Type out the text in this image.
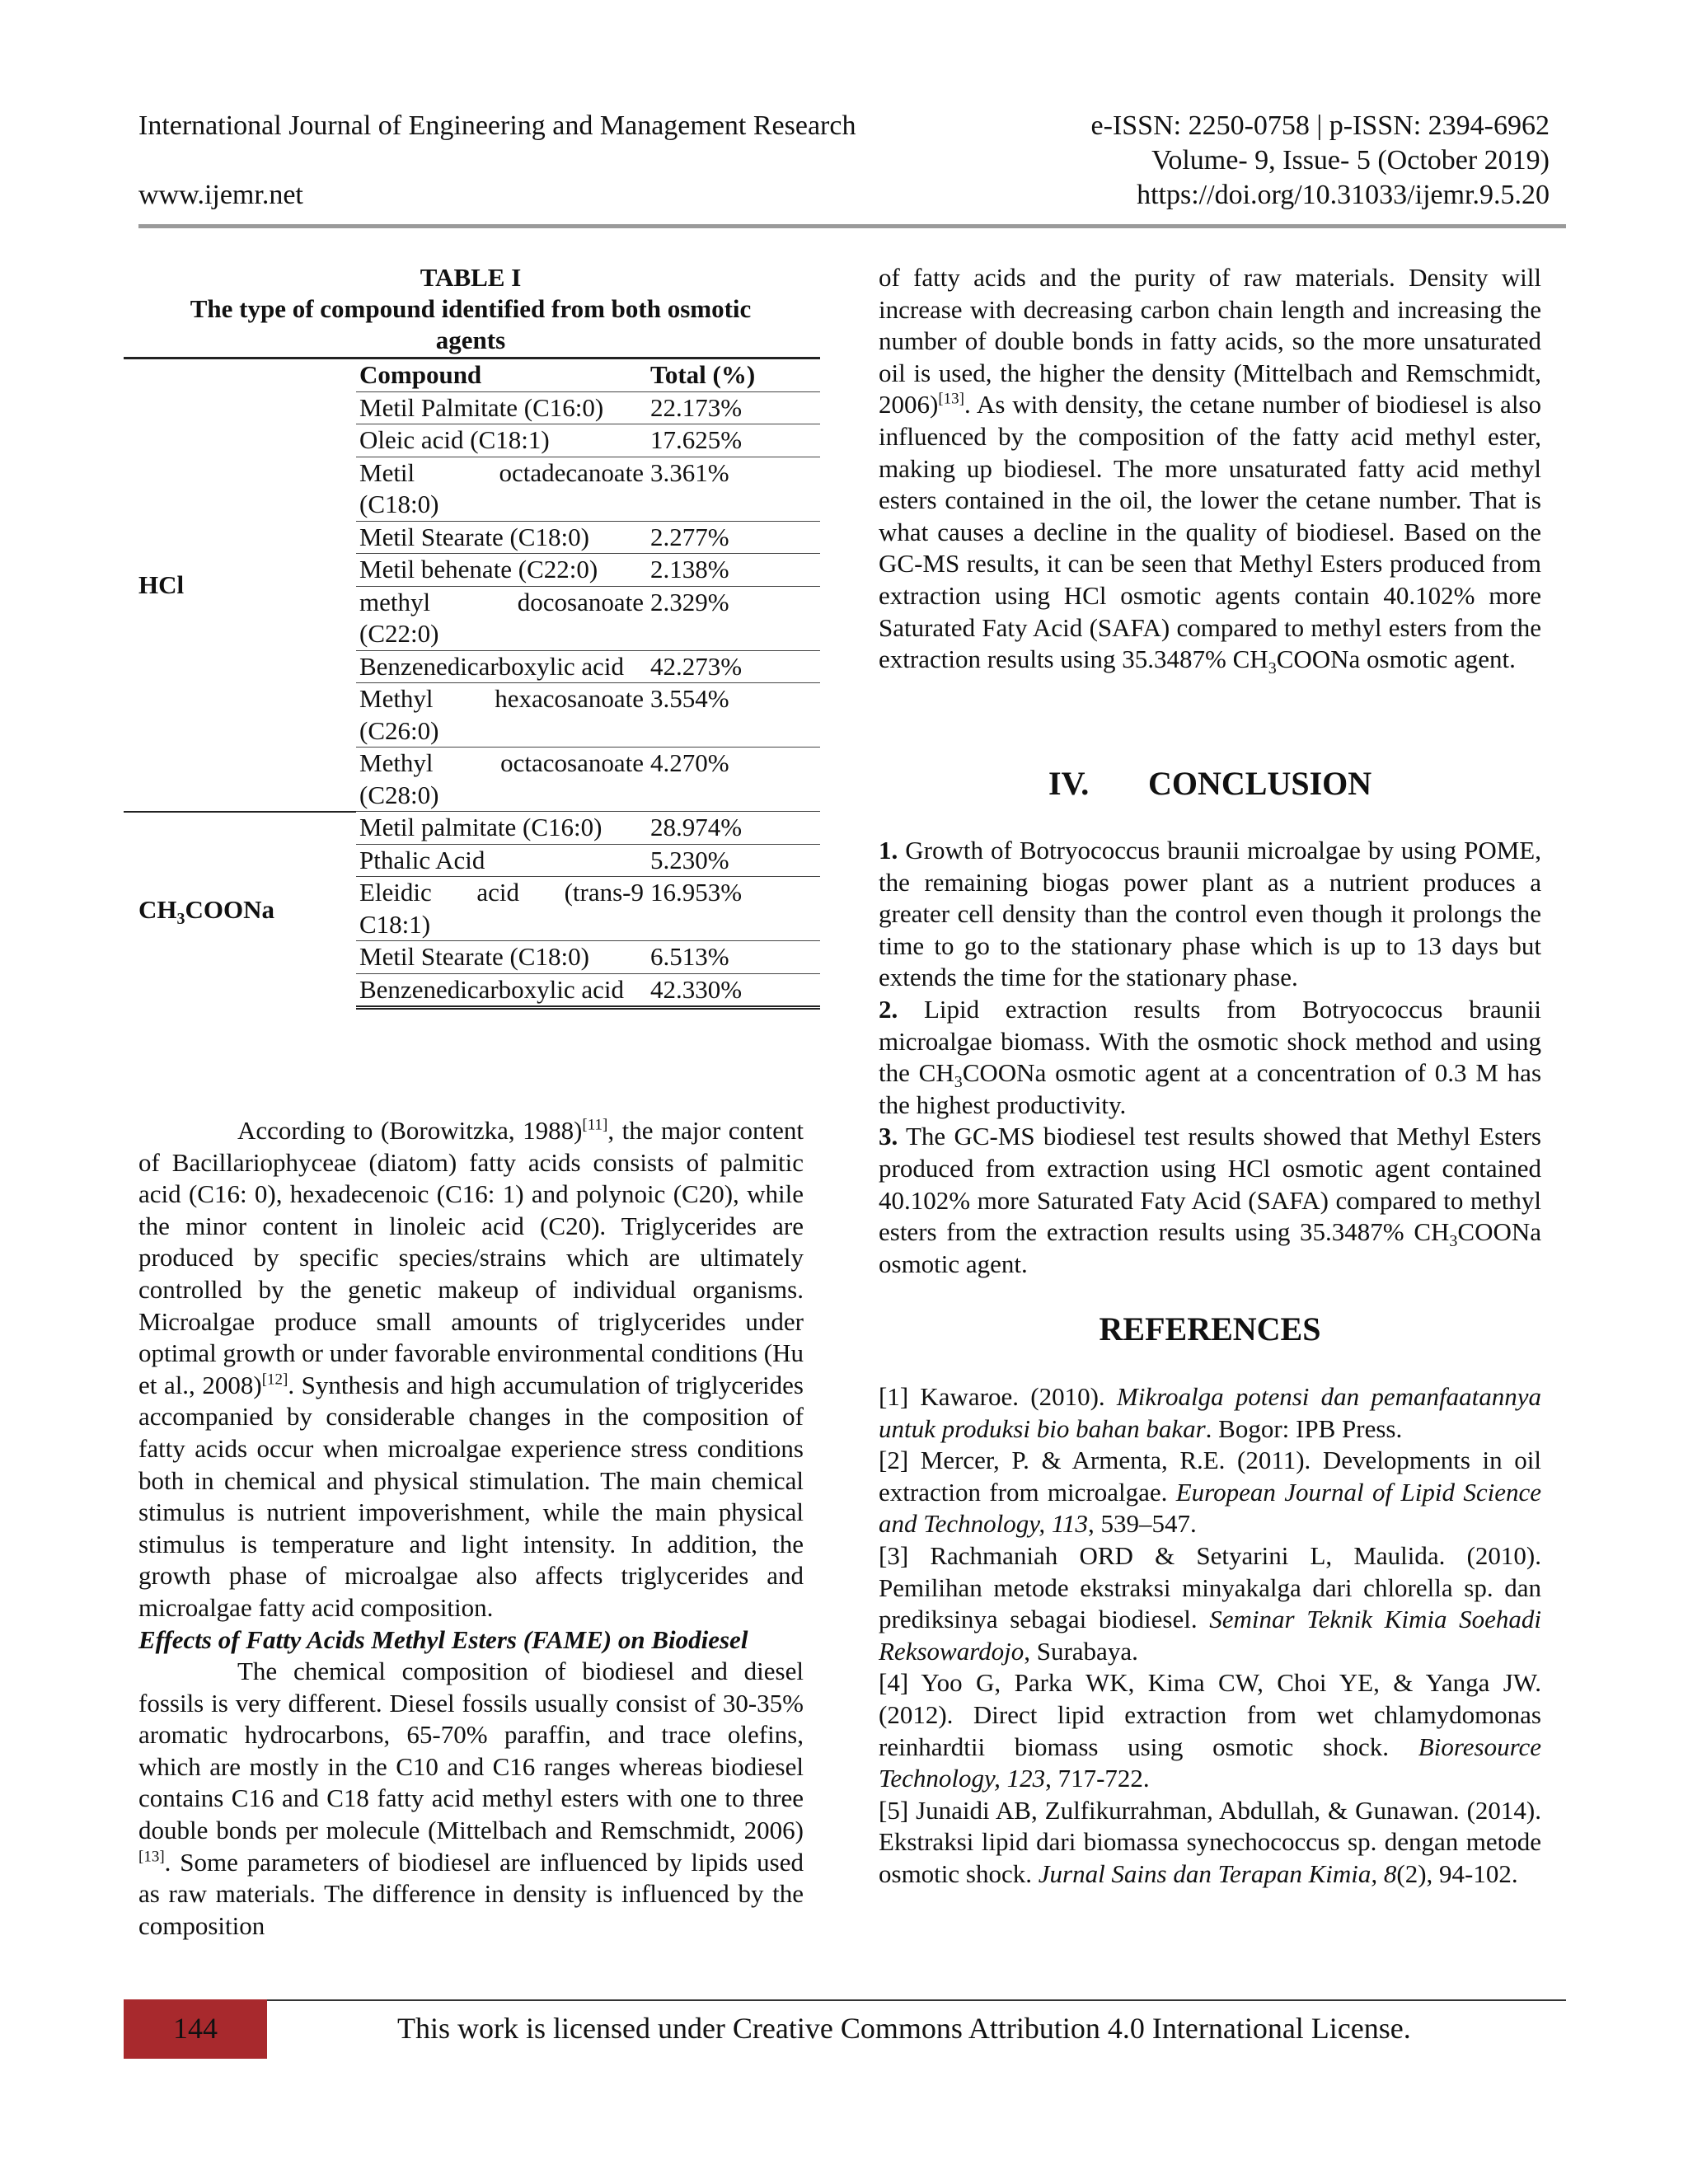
International Journal of Engineering and Management Research	e-ISSN: 2250-0758 | p-ISSN: 2394-6962
Volume- 9, Issue- 5 (October 2019)
www.ijemr.net	https://doi.org/10.31033/ijemr.9.5.20
TABLE I
The type of compound identified from both osmotic
agents
HCl	Compound	Total (%)
	Metil Palmitate (C16:0)	22.173%
	Oleic acid (C18:1)	17.625%
	Metil octadecanoate (C18:0)	3.361%
	Metil Stearate (C18:0)	2.277%
	Metil behenate (C22:0)	2.138%
	methyl docosanoate (C22:0)	2.329%
	Benzenedicarboxylic acid	42.273%
	Methyl hexacosanoate (C26:0)	3.554%
	Methyl octacosanoate (C28:0)	4.270%
$CH_3COONa$	Metil palmitate (C16:0)	28.974%
	Pthalic Acid	5.230%
	Eleidic acid (trans-9 C18:1)	16.953%
	Metil Stearate (C18:0)	6.513%
	Benzenedicarboxylic acid	42.330%

According to (Borowitzka, 1988)[11], the major content of Bacillariophyceae (diatom) fatty acids consists of palmitic acid (C16: 0), hexadecenoic (C16: 1) and polynoic (C20), while the minor content in linoleic acid (C20). Triglycerides are produced by specific species/strains which are ultimately controlled by the genetic makeup of individual organisms. Microalgae produce small amounts of triglycerides under optimal growth or under favorable environmental conditions (Hu et al., 2008)[12]. Synthesis and high accumulation of triglycerides accompanied by considerable changes in the composition of fatty acids occur when microalgae experience stress conditions both in chemical and physical stimulation. The main chemical stimulus is nutrient impoverishment, while the main physical stimulus is temperature and light intensity. In addition, the growth phase of microalgae also affects triglycerides and microalgae fatty acid composition.

Effects of Fatty Acids Methyl Esters (FAME) on Biodiesel

The chemical composition of biodiesel and diesel fossils is very different. Diesel fossils usually consist of 30-35% aromatic hydrocarbons, 65-70% paraffin, and trace olefins, which are mostly in the C10 and C16 ranges whereas biodiesel contains C16 and C18 fatty acid methyl esters with one to three double bonds per molecule (Mittelbach and Remschmidt, 2006)[13]. Some parameters of biodiesel are influenced by lipids used as raw materials. The difference in density is influenced by the composition

of fatty acids and the purity of raw materials. Density will increase with decreasing carbon chain length and increasing the number of double bonds in fatty acids, so the more unsaturated oil is used, the higher the density (Mittelbach and Remschmidt, 2006)[13]. As with density, the cetane number of biodiesel is also influenced by the composition of the fatty acid methyl ester, making up biodiesel. The more unsaturated fatty acid methyl esters contained in the oil, the lower the cetane number. That is what causes a decline in the quality of biodiesel. Based on the GC-MS results, it can be seen that Methyl Esters produced from extraction using HCl osmotic agents contain 40.102% more Saturated Faty Acid (SAFA) compared to methyl esters from the extraction results using 35.3487% $CH_3COONa$ osmotic agent.

IV. CONCLUSION

1. Growth of Botryococcus braunii microalgae by using POME, the remaining biogas power plant as a nutrient produces a greater cell density than the control even though it prolongs the time to go to the stationary phase which is up to 13 days but extends the time for the stationary phase.

2. Lipid extraction results from Botryococcus braunii microalgae biomass. With the osmotic shock method and using the $CH_3COONa$ osmotic agent at a concentration of 0.3 M has the highest productivity.

3. The GC-MS biodiesel test results showed that Methyl Esters produced from extraction using HCl osmotic agent contained 40.102% more Saturated Faty Acid (SAFA) compared to methyl esters from the extraction results using 35.3487% $CH_3COONa$ osmotic agent.

REFERENCES

[1] Kawaroe. (2010). Mikroalga potensi dan pemanfaatannya untuk produksi bio bahan bakar. Bogor: IPB Press.

[2] Mercer, P. & Armenta, R.E. (2011). Developments in oil extraction from microalgae. European Journal of Lipid Science and Technology, 113, 539–547.

[3] Rachmaniah ORD & Setyarini L, Maulida. (2010). Pemilihan metode ekstraksi minyakalga dari chlorella sp. dan prediksinya sebagai biodiesel. Seminar Teknik Kimia Soehadi Reksowardojo, Surabaya.

[4] Yoo G, Parka WK, Kima CW, Choi YE, & Yanga JW. (2012). Direct lipid extraction from wet chlamydomonas reinhardtii biomass using osmotic shock. Bioresource Technology, 123, 717-722.

[5] Junaidi AB, Zulfikurrahman, Abdullah, & Gunawan. (2014). Ekstraksi lipid dari biomassa synechococcus sp. dengan metode osmotic shock. Jurnal Sains dan Terapan Kimia, 8(2), 94-102.

144	This work is licensed under Creative Commons Attribution 4.0 International License.
